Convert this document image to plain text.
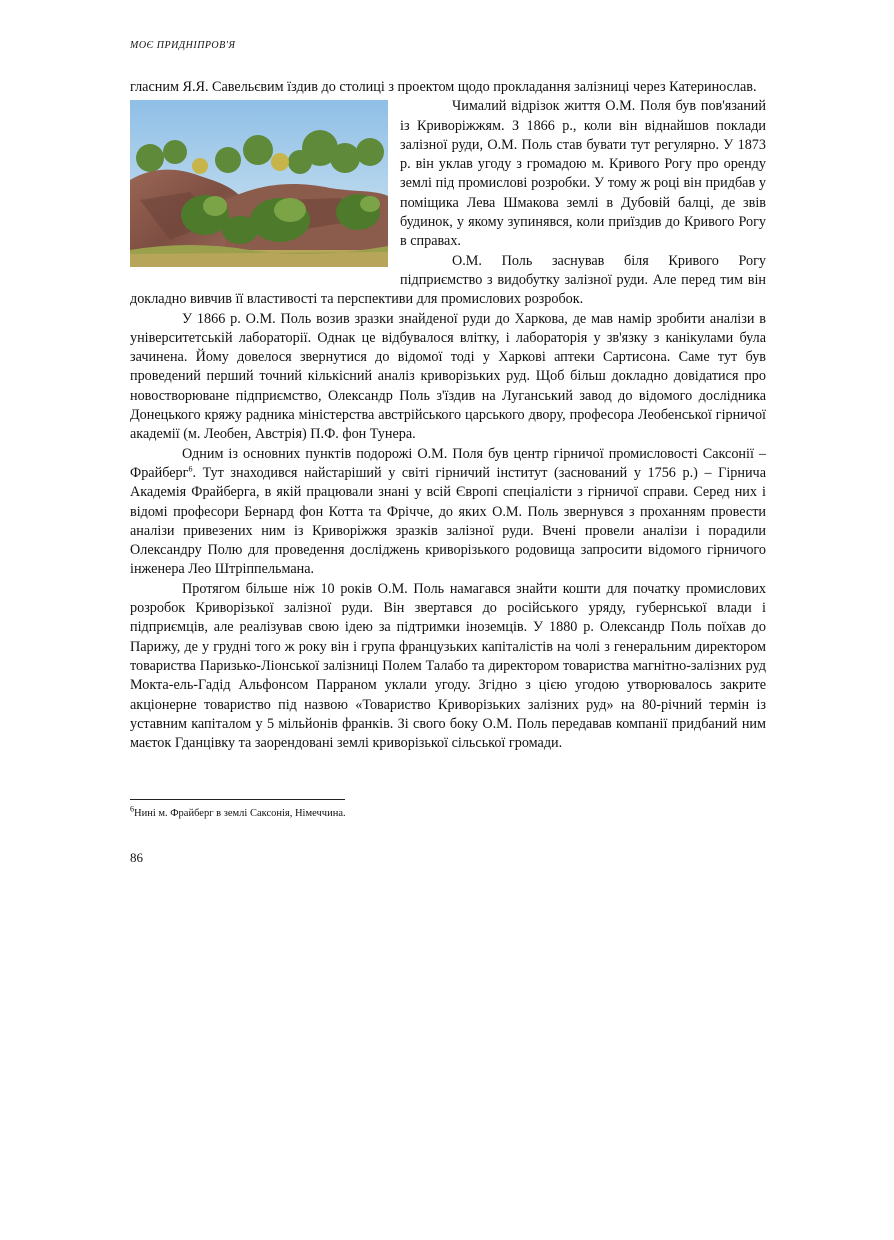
МОЄ ПРИДНІПРОВ'Я

гласним Я.Я. Савельєвим їздив до столиці з проектом щодо прокладання залізниці через Катеринослав.

Чималий відрізок життя О.М. Поля був пов'язаний із Криворіжжям. З 1866 р., коли він віднайшов поклади залізної руди, О.М. Поль став бувати тут регулярно. У 1873 р. він уклав угоду з громадою м. Кривого Рогу про оренду землі під промислові розробки. У тому ж році він придбав у поміщика Лева Шмакова землі в Дубовій балці, де звів будинок, у якому зупинявся, коли приїздив до Кривого Рогу в справах.

О.М. Поль заснував біля Кривого Рогу підприємство з видобутку залізної руди. Але перед тим він докладно вивчив її властивості та перспективи для промислових розробок.

У 1866 р. О.М. Поль возив зразки знайденої руди до Харкова, де мав намір зробити аналізи в університетській лабораторії. Однак це відбувалося влітку, і лабораторія у зв'язку з канікулами була зачинена. Йому довелося звернутися до відомої тоді у Харкові аптеки Сартисона. Саме тут був проведений перший точний кількісний аналіз криворізьких руд. Щоб більш докладно довідатися про новостворюване підприємство, Олександр Поль з'їздив на Луганський завод до відомого дослідника Донецького кряжу радника міністерства австрійського царського двору, професора Леобенської гірничої академії (м. Леобен, Австрія) П.Ф. фон Тунера.

Одним із основних пунктів подорожі О.М. Поля був центр гірничої промисловості Саксонії – Фрайберг$^6$. Тут знаходився найстаріший у світі гірничий інститут (заснований у 1756 р.) – Гірнича Академія Фрайберга, в якій працювали знані у всій Європі спеціалісти з гірничої справи. Серед них і відомі професори Бернард фон Котта та Фрічче, до яких О.М. Поль звернувся з проханням провести аналізи привезених ним із Криворіжжя зразків залізної руди. Вчені провели аналізи і порадили Олександру Полю для проведення досліджень криворізького родовища запросити відомого гірничого інженера Лео Штріппельмана.

Протягом більше ніж 10 років О.М. Поль намагався знайти кошти для початку промислових розробок Криворізької залізної руди. Він звертався до російського уряду, губернської влади і підприємців, але реалізував свою ідею за підтримки іноземців. У 1880 р. Олександр Поль поїхав до Парижу, де у грудні того ж року він і група французьких капіталістів на чолі з генеральним директором товариства Паризько-Ліонської залізниці Полем Талабо та директором товариства магнітно-залізних руд Мокта-ель-Гадід Альфонсом Парраном уклали угоду. Згідно з цією угодою утворювалось закрите акціонерне товариство під назвою «Товариство Криворізьких залізних руд» на 80-річний термін із уставним капіталом у 5 мільйонів франків. Зі свого боку О.М. Поль передавав компанії придбаний ним маєток Гданцівку та заорендовані землі криворізької сільської громади.

$^6$Нині м. Фрайберг в землі Саксонія, Німеччина.
86
